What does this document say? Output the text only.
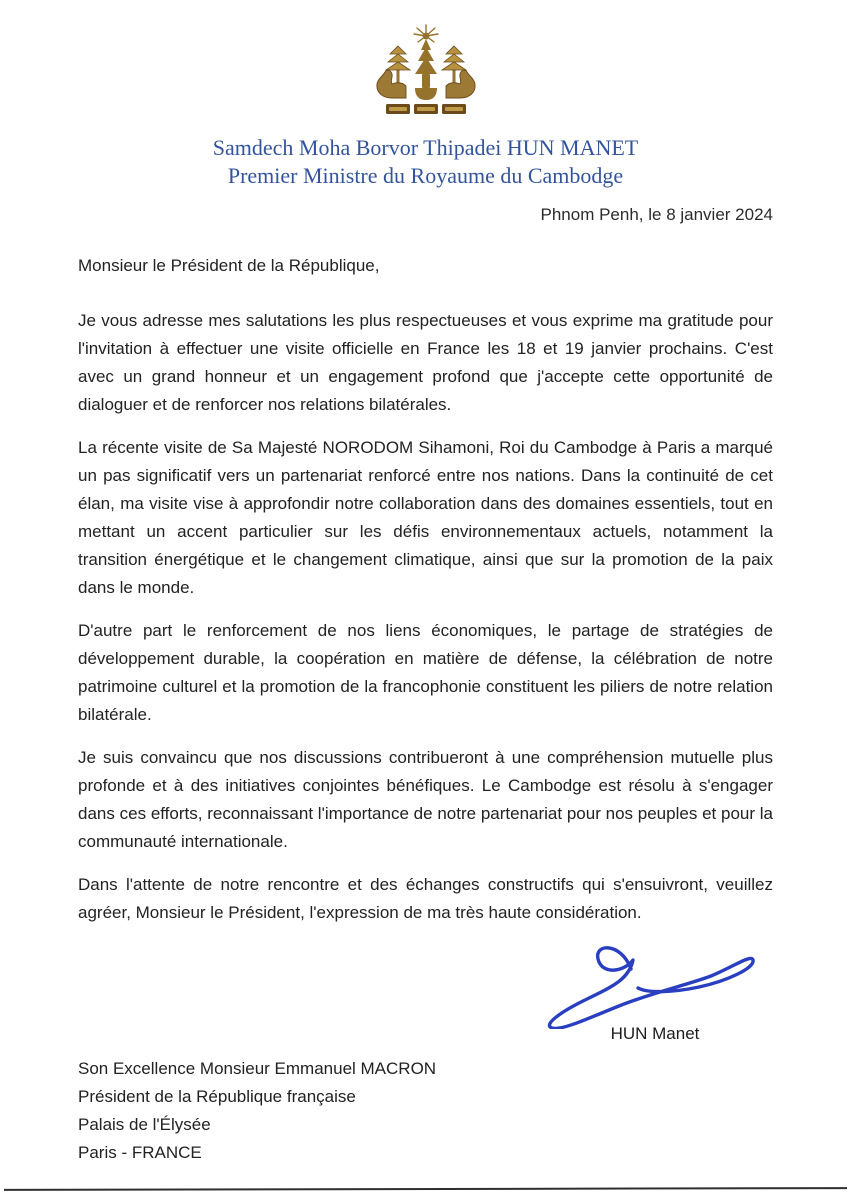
Samdech Moha Borvor Thipadei HUN MANET
Premier Ministre du Royaume du Cambodge
Phnom Penh, le 8 janvier 2024
Monsieur le Président de la République,

Je vous adresse mes salutations les plus respectueuses et vous exprime ma gratitude pour l'invitation à effectuer une visite officielle en France les 18 et 19 janvier prochains. C'est avec un grand honneur et un engagement profond que j'accepte cette opportunité de dialoguer et de renforcer nos relations bilatérales.

La récente visite de Sa Majesté NORODOM Sihamoni, Roi du Cambodge à Paris a marqué un pas significatif vers un partenariat renforcé entre nos nations. Dans la continuité de cet élan, ma visite vise à approfondir notre collaboration dans des domaines essentiels, tout en mettant un accent particulier sur les défis environnementaux actuels, notamment la transition énergétique et le changement climatique, ainsi que sur la promotion de la paix dans le monde.

D'autre part le renforcement de nos liens économiques, le partage de stratégies de développement durable, la coopération en matière de défense, la célébration de notre patrimoine culturel et la promotion de la francophonie constituent les piliers de notre relation bilatérale.

Je suis convaincu que nos discussions contribueront à une compréhension mutuelle plus profonde et à des initiatives conjointes bénéfiques. Le Cambodge est résolu à s'engager dans ces efforts, reconnaissant l'importance de notre partenariat pour nos peuples et pour la communauté internationale.

Dans l'attente de notre rencontre et des échanges constructifs qui s'ensuivront, veuillez agréer, Monsieur le Président, l'expression de ma très haute considération.

HUN Manet
Son Excellence Monsieur Emmanuel MACRON
Président de la République française
Palais de l'Élysée
Paris - FRANCE
